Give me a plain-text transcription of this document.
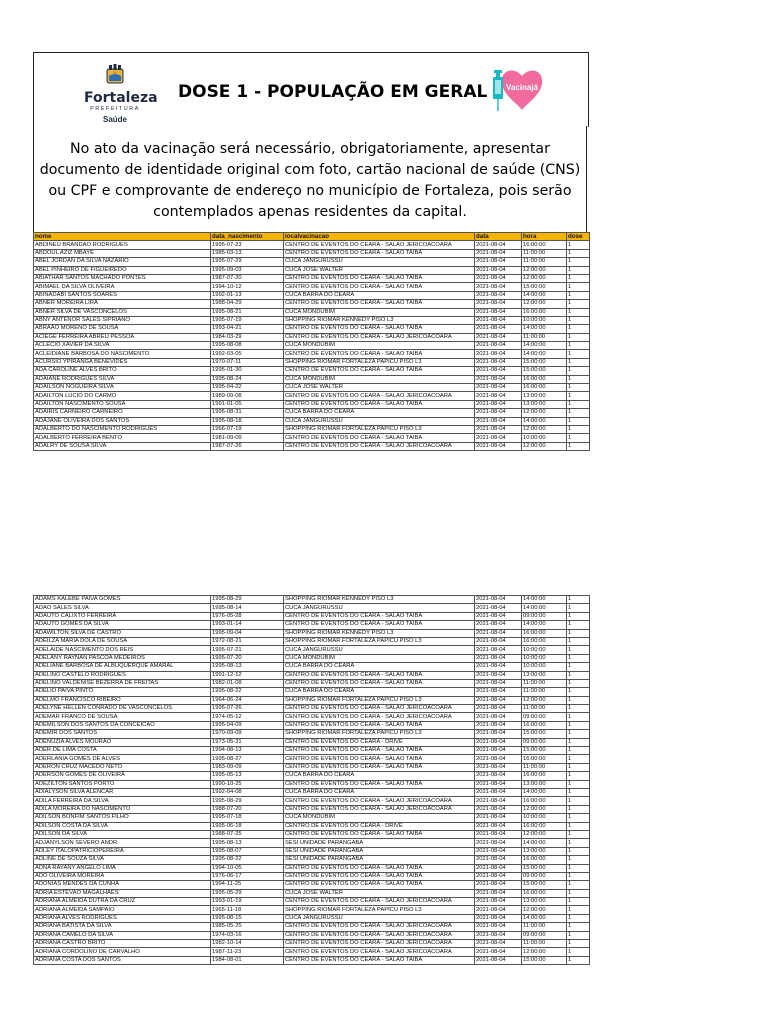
Fortaleza
PREFEITURA
Saúde
DOSE 1 - POPULAÇÃO EM GERAL Vacinajá
No ato da vacinação será necessário, obrigatoriamente, apresentar documento de identidade original com foto, cartão nacional de saúde (CNS) ou CPF e comprovante de endereço no município de Fortaleza, pois serão contemplados apenas residentes da capital.
nome	data_nascimento	localvacinacao	data	hora	dose
ABDINEU BRANDAO RODRIGUES	1995-07-23	CENTRO DE EVENTOS DO CEARA - SALAO JERICOACOARA	2021-08-04	16:00:00	1
ABDOUL AZIZ MBAYE	1985-03-13	CENTRO DE EVENTOS DO CEARA - SALAO TAIBA	2021-08-04	11:00:00	1
ABEL JORDAN DA SILVA NAZARIO	1995-07-29	CUCA JANGURUSSU	2021-08-04	11:00:00	1
ABEL PINHEIRO DE FIGUEIREDO	1995-09-03	CUCA JOSE WALTER	2021-08-04	12:00:00	1
ABIATHAR SANTOS MACHADO PONTES	1987-07-20	CENTRO DE EVENTOS DO CEARA - SALAO TAIBA	2021-08-04	12:00:00	1
ABIMAEL DA SILVA OLIVEIRA	1994-10-12	CENTRO DE EVENTOS DO CEARA - SALAO TAIBA	2021-08-04	15:00:00	1
ABINADABI SANTOS SOARES	1992-01-13	CUCA BARRA DO CEARA	2021-08-04	14:00:00	1
ABNER MOREIRA LIRA	1988-04-29	CENTRO DE EVENTOS DO CEARA - SALAO TAIBA	2021-08-04	12:00:00	1
ABNER SILVA DE VASCONCELOS	1995-08-21	CUCA MONDUBIM	2021-08-04	16:00:00	1
ABNY ANTENOR SALES SIPRIANO	1995-07-19	SHOPPING RIOMAR KENNEDY PISO L3	2021-08-04	10:00:00	1
ABRAAO MORENO DE SOUSA	1993-04-21	CENTRO DE EVENTOS DO CEARA - SALAO TAIBA	2021-08-04	14:00:00	1
ACIEGE FERREIRA ABREU PESSOA	1984-03-29	CENTRO DE EVENTOS DO CEARA - SALAO JERICOACOARA	2021-08-04	11:00:00	1
ACLECIO XAVIER DA SILVA	1995-08-08	CUCA MONDUBIM	2021-08-04	14:00:00	1
ACLEIDIANE BARBOSA DO NASCIMENTO	1992-03-05	CENTRO DE EVENTOS DO CEARA - SALAO TAIBA	2021-08-04	14:00:00	1
ACURSIO YPIRANGA BENEVIDES	1970-07-11	SHOPPING RIOMAR FORTALEZA PAPICU PISO L3	2021-08-04	15:00:00	1
ADA CAROLINE ALVES BRITO	1995-01-30	CENTRO DE EVENTOS DO CEARA - SALAO TAIBA	2021-08-04	15:00:00	1
ADAIANE RODRIGUES SILVA	1995-08-24	CUCA MONDUBIM	2021-08-04	16:00:00	1
ADAILSON NOGUEIRA SILVA	1995-04-22	CUCA JOSE WALTER	2021-08-04	16:00:00	1
ADAILTON LUCIO DO CARMO	1989-09-08	CENTRO DE EVENTOS DO CEARA - SALAO JERICOACOARA	2021-08-04	13:00:00	1
ADAILTON NASCIMENTO SOUSA	1991-01-05	CENTRO DE EVENTOS DO CEARA - SALAO TAIBA	2021-08-04	13:00:00	1
ADAIRIS CARNEIRO CARNEIRO	1995-08-31	CUCA BARRA DO CEARA	2021-08-04	12:00:00	1
ADAJANE OLIVEIRA DOS SANTOS	1995-08-18	CUCA JANGURUSSU	2021-08-04	14:00:00	1
ADALBERTO DO NASCIMENTO RODRIGUES	1966-07-19	SHOPPING RIOMAR FORTALEZA PAPICU PISO L3	2021-08-04	12:00:00	1
ADALBERTO FERREIRA BENTO	1981-09-09	CENTRO DE EVENTOS DO CEARA - SALAO TAIBA	2021-08-04	10:00:00	1
ADALRY DE SOUSA SILVA	1987-07-26	CENTRO DE EVENTOS DO CEARA - SALAO JERICOACOARA	2021-08-04	12:00:00	1
ADAMS KALEBE PAIVA GOMES	1995-08-29	SHOPPING RIOMAR KENNEDY PISO L3	2021-08-04	14:00:00	1
ADAO SALES SILVA	1995-08-14	CUCA JANGURUSSU	2021-08-04	14:00:00	1
ADAUTO CALIXTO FERREIRA	1976-05-28	CENTRO DE EVENTOS DO CEARA - SALAO TAIBA	2021-08-04	09:00:00	1
ADAUTO GOMES DA SILVA	1993-01-14	CENTRO DE EVENTOS DO CEARA - SALAO TAIBA	2021-08-04	14:00:00	1
ADAWILTON SILVA DE CASTRO	1995-09-04	SHOPPING RIOMAR KENNEDY PISO L3	2021-08-04	16:00:00	1
ADEILZA MARIA DOLA DE SOUSA	1972-08-21	SHOPPING RIOMAR FORTALEZA PAPICU PISO L3	2021-08-04	16:00:00	1
ADELAIDE NASCIMENTO DOS REIS	1995-07-21	CUCA JANGURUSSU	2021-08-04	10:00:00	1
ADELANY RAYNAN PASCOA MEDEIROS	1995-07-20	CUCA MONDUBIM	2021-08-04	10:00:00	1
ADELIANE BARBOSA DE ALBUQUERQUE AMARAL	1995-08-13	CUCA BARRA DO CEARA	2021-08-04	10:00:00	1
ADELINO CASTELO RODRIGUES	1991-12-12	CENTRO DE EVENTOS DO CEARA - SALAO TAIBA	2021-08-04	13:00:00	1
ADELINO VALDENISE BEZERRA DE FREITAS	1982-01-08	CENTRO DE EVENTOS DO CEARA - SALAO TAIBA	2021-08-04	11:00:00	1
ADELIO PAIVA PINTO	1995-08-22	CUCA BARRA DO CEARA	2021-08-04	11:00:00	1
ADELMO FRANCISCO RIBEIRO	1964-06-24	SHOPPING RIOMAR FORTALEZA PAPICU PISO L3	2021-08-04	12:00:00	1
ADELYNE HELLEN CONRADO DE VASCONCELOS	1995-07-26	CENTRO DE EVENTOS DO CEARA - SALAO JERICOACOARA	2021-08-04	11:00:00	1
ADEMAR FRANCO DE SOUSA	1974-05-12	CENTRO DE EVENTOS DO CEARA - SALAO JERICOACOARA	2021-08-04	09:00:00	1
ADEMILSON DOS SANTOS DA CONCEICAO	1995-04-09	CENTRO DE EVENTOS DO CEARA - SALAO TAIBA	2021-08-04	16:00:00	1
ADEMIR DOS SANTOS	1970-09-09	SHOPPING RIOMAR FORTALEZA PAPICU PISO L3	2021-08-04	15:00:00	1
ADENUZIA ALVES MOURAO	1973-05-31	CENTRO DE EVENTOS DO CEARA - DRIVE	2021-08-04	09:00:00	1
ADER DE LIMA COSTA	1994-08-13	CENTRO DE EVENTOS DO CEARA - SALAO TAIBA	2021-08-04	15:00:00	1
ADERLANIA GOMES DE ALVES	1995-08-27	CENTRO DE EVENTOS DO CEARA - SALAO TAIBA	2021-08-04	16:00:00	1
ADERON CRUZ MACEDO NETO	1983-09-09	CENTRO DE EVENTOS DO CEARA - SALAO TAIBA	2021-08-04	11:00:00	1
ADERSON GOMES DE OLIVEIRA	1995-05-13	CUCA BARRA DO CEARA	2021-08-04	16:00:00	1
ADEZILTON SANTOS PORTO	1990-10-25	CENTRO DE EVENTOS DO CEARA - SALAO TAIBA	2021-08-04	13:00:00	1
ADIALYSON SILVA ALENCAR	1992-04-08	CUCA BARRA DO CEARA	2021-08-04	14:00:00	1
ADILA FERREIRA DA SILVA	1995-08-29	CENTRO DE EVENTOS DO CEARA - SALAO JERICOACOARA	2021-08-04	16:00:00	1
ADILA MOREIRA DO NASCIMENTO	1988-07-20	CENTRO DE EVENTOS DO CEARA - SALAO JERICOACOARA	2021-08-04	12:00:00	1
ADILSON BONFIM SANTOS FILHO	1995-07-18	CUCA MONDUBIM	2021-08-04	10:00:00	1
ADILSON COSTA DA SILVA	1995-06-18	CENTRO DE EVENTOS DO CEARA - DRIVE	2021-08-04	16:00:00	1
ADILSON DA SILVA	1988-07-25	CENTRO DE EVENTOS DO CEARA - SALAO TAIBA	2021-08-04	12:00:00	1
ADJANYLSON SEVERO ANDR	1995-08-13	SESI UNIDADE PARANGABA	2021-08-04	14:00:00	1
ADLEY ITALOPATRICIOPEREIRA	1995-08-07	SESI UNIDADE PARANGABA	2021-08-04	13:00:00	1
ADLINE DE SOUZA SILVA	1995-08-22	SESI UNIDADE PARANGABA	2021-08-04	16:00:00	1
ADNA RAYANY ANGELO LIMA	1994-10-05	CENTRO DE EVENTOS DO CEARA - SALAO TAIBA	2021-08-04	15:00:00	1
ADO OLIVEIRA MOREIRA	1976-06-17	CENTRO DE EVENTOS DO CEARA - SALAO TAIBA	2021-08-04	09:00:00	1
ADONIAS MENDES DA CUNHA	1994-11-25	CENTRO DE EVENTOS DO CEARA - SALAO TAIBA	2021-08-04	15:00:00	1
ADRIA ESTEVAO MAGALHAES	1995-05-29	CUCA JOSE WALTER	2021-08-04	16:00:00	1
ADRIANA ALMEIDA DUTRA DA CRUZ	1993-01-19	CENTRO DE EVENTOS DO CEARA - SALAO JERICOACOARA	2021-08-04	13:00:00	1
ADRIANA ALMEIDA SAMPAIO	1965-11-18	SHOPPING RIOMAR FORTALEZA PAPICU PISO L3	2021-08-04	12:00:00	1
ADRIANA ALVES RODRIGUES	1995-08-15	CUCA JANGURUSSU	2021-08-04	14:00:00	1
ADRIANA BATISTA DA SILVA	1985-05-25	CENTRO DE EVENTOS DO CEARA - SALAO JERICOACOARA	2021-08-04	11:00:00	1
ADRIANA CAMELO DA SILVA	1974-03-16	CENTRO DE EVENTOS DO CEARA - SALAO JERICOACOARA	2021-08-04	09:00:00	1
ADRIANA CASTRO BRITO	1982-10-14	CENTRO DE EVENTOS DO CEARA - SALAO JERICOACOARA	2021-08-04	11:00:00	1
ADRIANA CORDOLINO DE CARVALHO	1987-11-23	CENTRO DE EVENTOS DO CEARA - SALAO JERICOACOARA	2021-08-04	12:00:00	1
ADRIANA COSTA DOS SANTOS	1984-08-01	CENTRO DE EVENTOS DO CEARA - SALAO TAIBA	2021-08-04	15:00:00	1
